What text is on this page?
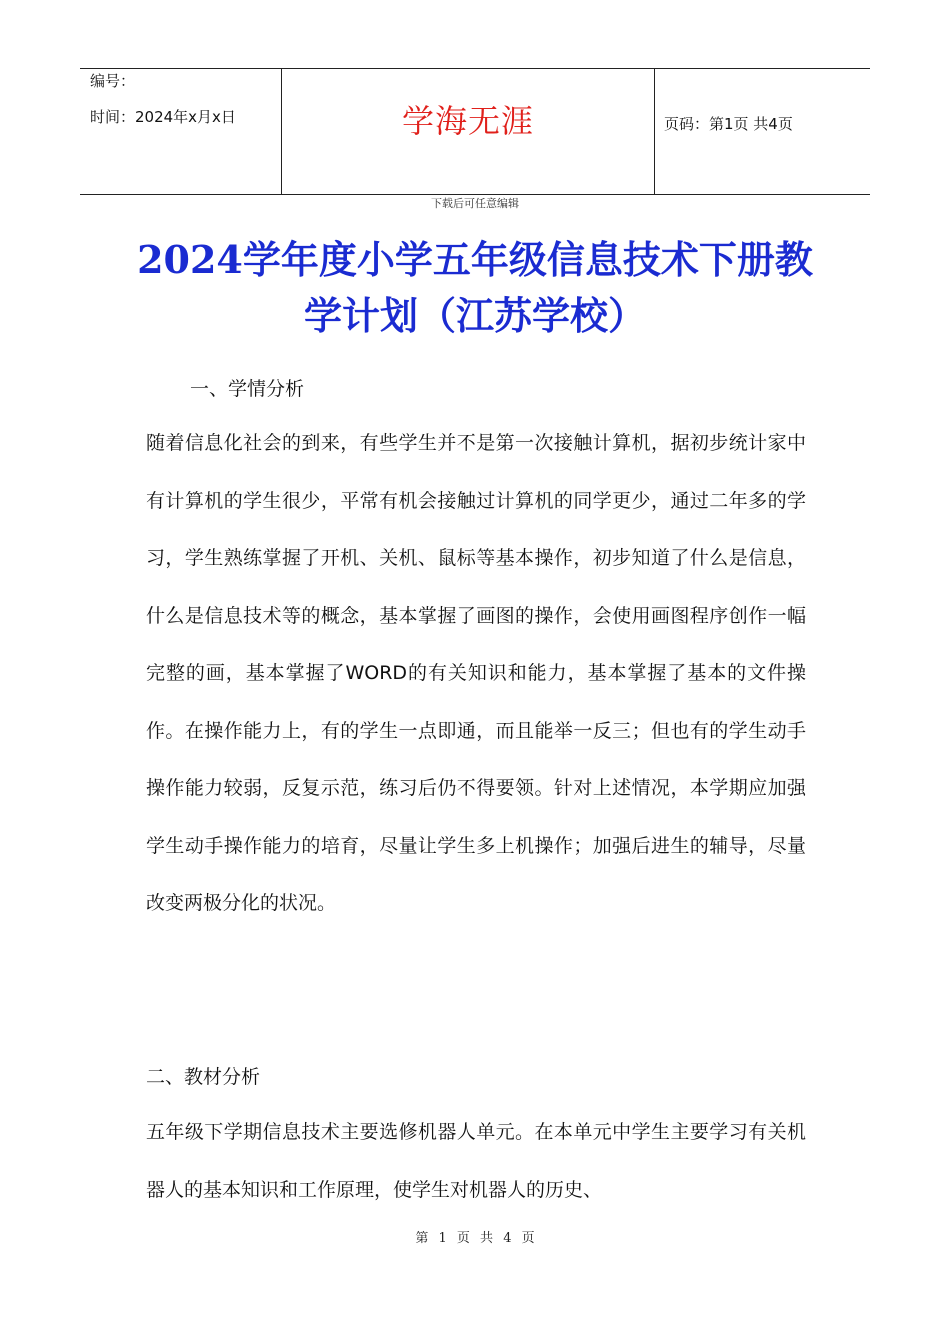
编号：
时间：2024年x月x日	学海无涯	页码：第1页 共4页
下载后可任意编辑
2024学年度小学五年级信息技术下册教学计划（江苏学校）
一、学情分析
随着信息化社会的到来，有些学生并不是第一次接触计算机，据初步统计家中有计算机的学生很少，平常有机会接触过计算机的同学更少，通过二年多的学习，学生熟练掌握了开机、关机、鼠标等基本操作，初步知道了什么是信息，什么是信息技术等的概念，基本掌握了画图的操作，会使用画图程序创作一幅完整的画，基本掌握了WORD的有关知识和能力，基本掌握了基本的文件操作。在操作能力上，有的学生一点即通，而且能举一反三；但也有的学生动手操作能力较弱，反复示范，练习后仍不得要领。针对上述情况，本学期应加强学生动手操作能力的培育，尽量让学生多上机操作；加强后进生的辅导，尽量改变两极分化的状况。
二、教材分析
五年级下学期信息技术主要选修机器人单元。在本单元中学生主要学习有关机器人的基本知识和工作原理，使学生对机器人的历史、
第 1 页 共 4 页
